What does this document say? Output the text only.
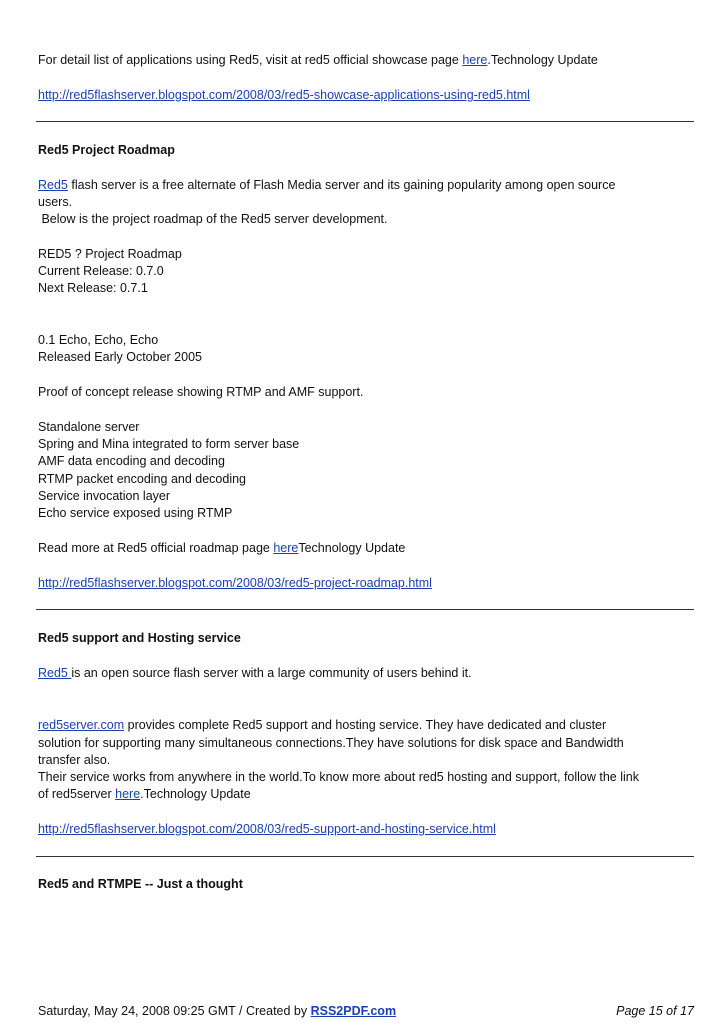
For detail list of applications using Red5, visit at red5 official showcase page here.Technology Update
http://red5flashserver.blogspot.com/2008/03/red5-showcase-applications-using-red5.html
Red5 Project Roadmap
Red5 flash server is a free alternate of Flash Media server and its gaining popularity among open source
users.
Below is the project roadmap of the Red5 server development.
RED5 ? Project Roadmap
Current Release: 0.7.0
Next Release: 0.7.1
0.1 Echo, Echo, Echo
Released Early October 2005
Proof of concept release showing RTMP and AMF support.
Standalone server
Spring and Mina integrated to form server base
AMF data encoding and decoding
RTMP packet encoding and decoding
Service invocation layer
Echo service exposed using RTMP
Read more at Red5 official roadmap page hereTechnology Update
http://red5flashserver.blogspot.com/2008/03/red5-project-roadmap.html
Red5 support and Hosting service
Red5 is an open source flash server with a large community of users behind it.
red5server.com provides complete Red5 support and hosting service. They have dedicated and cluster
solution for supporting many simultaneous connections.They have solutions for disk space and Bandwidth
transfer also.
Their service works from anywhere in the world.To know more about red5 hosting and support, follow the link
of red5server here.Technology Update
http://red5flashserver.blogspot.com/2008/03/red5-support-and-hosting-service.html
Red5 and RTMPE -- Just a thought
Saturday, May 24, 2008 09:25 GMT / Created by RSS2PDF.com	Page 15 of 17
